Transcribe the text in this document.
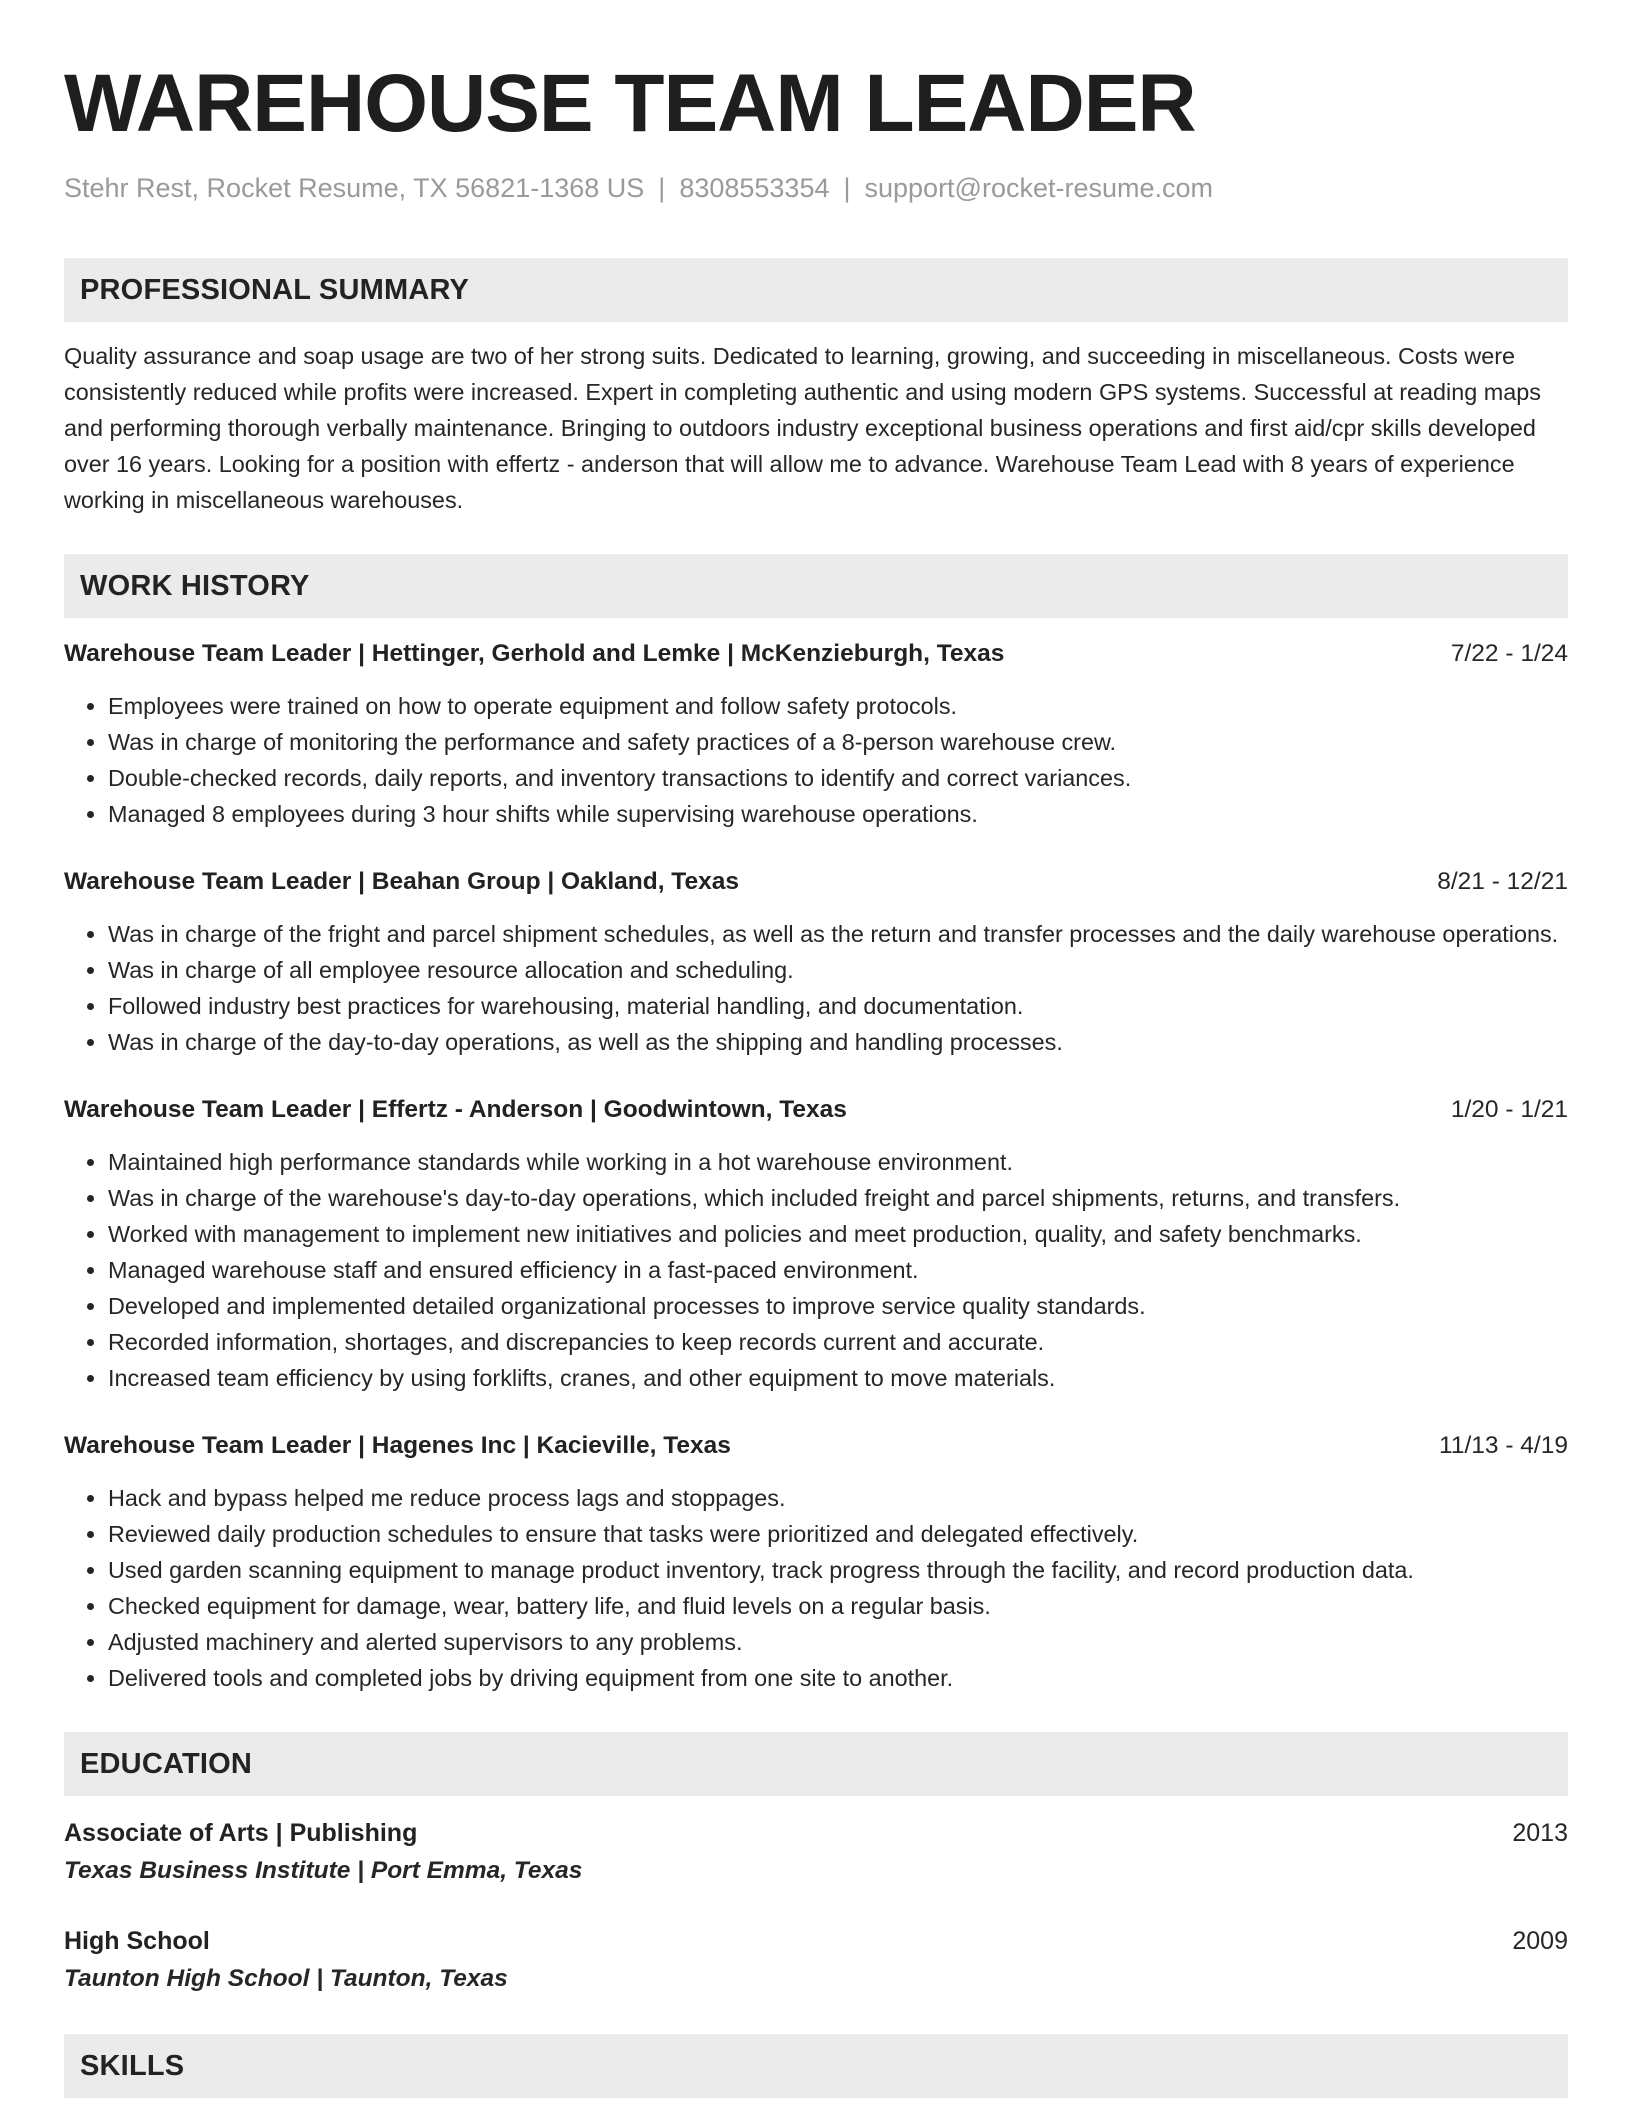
WAREHOUSE TEAM LEADER
Stehr Rest, Rocket Resume, TX 56821-1368 US | 8308553354 | support@rocket-resume.com
PROFESSIONAL SUMMARY
Quality assurance and soap usage are two of her strong suits. Dedicated to learning, growing, and succeeding in miscellaneous. Costs were consistently reduced while profits were increased. Expert in completing authentic and using modern GPS systems. Successful at reading maps and performing thorough verbally maintenance. Bringing to outdoors industry exceptional business operations and first aid/cpr skills developed over 16 years. Looking for a position with effertz - anderson that will allow me to advance. Warehouse Team Lead with 8 years of experience working in miscellaneous warehouses.
WORK HISTORY
Warehouse Team Leader | Hettinger, Gerhold and Lemke | McKenzieburgh, Texas	7/22 - 1/24
• Employees were trained on how to operate equipment and follow safety protocols.
• Was in charge of monitoring the performance and safety practices of a 8-person warehouse crew.
• Double-checked records, daily reports, and inventory transactions to identify and correct variances.
• Managed 8 employees during 3 hour shifts while supervising warehouse operations.
Warehouse Team Leader | Beahan Group | Oakland, Texas	8/21 - 12/21
• Was in charge of the fright and parcel shipment schedules, as well as the return and transfer processes and the daily warehouse operations.
• Was in charge of all employee resource allocation and scheduling.
• Followed industry best practices for warehousing, material handling, and documentation.
• Was in charge of the day-to-day operations, as well as the shipping and handling processes.
Warehouse Team Leader | Effertz - Anderson | Goodwintown, Texas	1/20 - 1/21
• Maintained high performance standards while working in a hot warehouse environment.
• Was in charge of the warehouse's day-to-day operations, which included freight and parcel shipments, returns, and transfers.
• Worked with management to implement new initiatives and policies and meet production, quality, and safety benchmarks.
• Managed warehouse staff and ensured efficiency in a fast-paced environment.
• Developed and implemented detailed organizational processes to improve service quality standards.
• Recorded information, shortages, and discrepancies to keep records current and accurate.
• Increased team efficiency by using forklifts, cranes, and other equipment to move materials.
Warehouse Team Leader | Hagenes Inc | Kacieville, Texas	11/13 - 4/19
• Hack and bypass helped me reduce process lags and stoppages.
• Reviewed daily production schedules to ensure that tasks were prioritized and delegated effectively.
• Used garden scanning equipment to manage product inventory, track progress through the facility, and record production data.
• Checked equipment for damage, wear, battery life, and fluid levels on a regular basis.
• Adjusted machinery and alerted supervisors to any problems.
• Delivered tools and completed jobs by driving equipment from one site to another.
EDUCATION
Associate of Arts | Publishing	2013
Texas Business Institute | Port Emma, Texas
High School	2009
Taunton High School | Taunton, Texas
SKILLS
